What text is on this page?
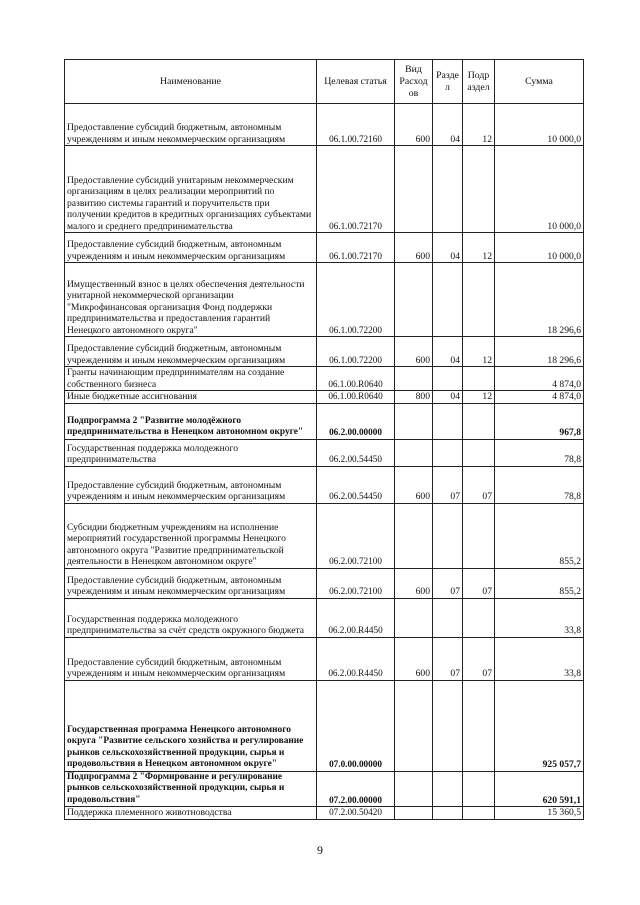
Наименование	Целевая статья	Вид Расход ов	Разде л	Подр аздел	Сумма
Предоставление субсидий бюджетным, автономным учреждениям и иным некоммерческим организациям	06.1.00.72160	600	04	12	10 000,0
Предоставление субсидий унитарным некоммерческим организациям в целях реализации мероприятий по развитию системы гарантий и поручительств при получении кредитов в кредитных организациях субъектами малого и среднего предпринимательства	06.1.00.72170				10 000,0
Предоставление субсидий бюджетным, автономным учреждениям и иным некоммерческим организациям	06.1.00.72170	600	04	12	10 000,0
Имущественный взнос в целях обеспечения деятельности унитарной некоммерческой организации "Микрофинансовая организация Фонд поддержки предпринимательства и предоставления гарантий Ненецкого автономного округа"	06.1.00.72200				18 296,6
Предоставление субсидий бюджетным, автономным учреждениям и иным некоммерческим организациям	06.1.00.72200	600	04	12	18 296,6
Гранты начинающим предпринимателям на создание собственного бизнеса	06.1.00.R0640				4 874,0
Иные бюджетные ассигнования	06.1.00.R0640	800	04	12	4 874,0
Подпрограмма 2 "Развитие молодёжного предпринимательства в Ненецком автономном округе"	06.2.00.00000				967,8
Государственная поддержка молодежного предпринимательства	06.2.00.54450				78,8
Предоставление субсидий бюджетным, автономным учреждениям и иным некоммерческим организациям	06.2.00.54450	600	07	07	78,8
Субсидии бюджетным учреждениям на исполнение мероприятий государственной программы Ненецкого автономного округа "Развитие предпринимательской деятельности в Ненецком автономном округе"	06.2.00.72100				855,2
Предоставление субсидий бюджетным, автономным учреждениям и иным некоммерческим организациям	06.2.00.72100	600	07	07	855,2
Государственная поддержка молодежного предпринимательства за счёт средств окружного бюджета	06.2.00.R4450				33,8
Предоставление субсидий бюджетным, автономным учреждениям и иным некоммерческим организациям	06.2.00.R4450	600	07	07	33,8
Государственная программа Ненецкого автономного округа "Развитие сельского хозяйства и регулирование рынков сельскохозяйственной продукции, сырья и продовольствия в Ненецком автономном округе"	07.0.00.00000				925 057,7
Подпрограмма 2 "Формирование и регулирование рынков сельскохозяйственной продукции, сырья и продовольствия"	07.2.00.00000				620 591,1
Поддержка племенного животноводства	07.2.00.50420				15 360,5
9
